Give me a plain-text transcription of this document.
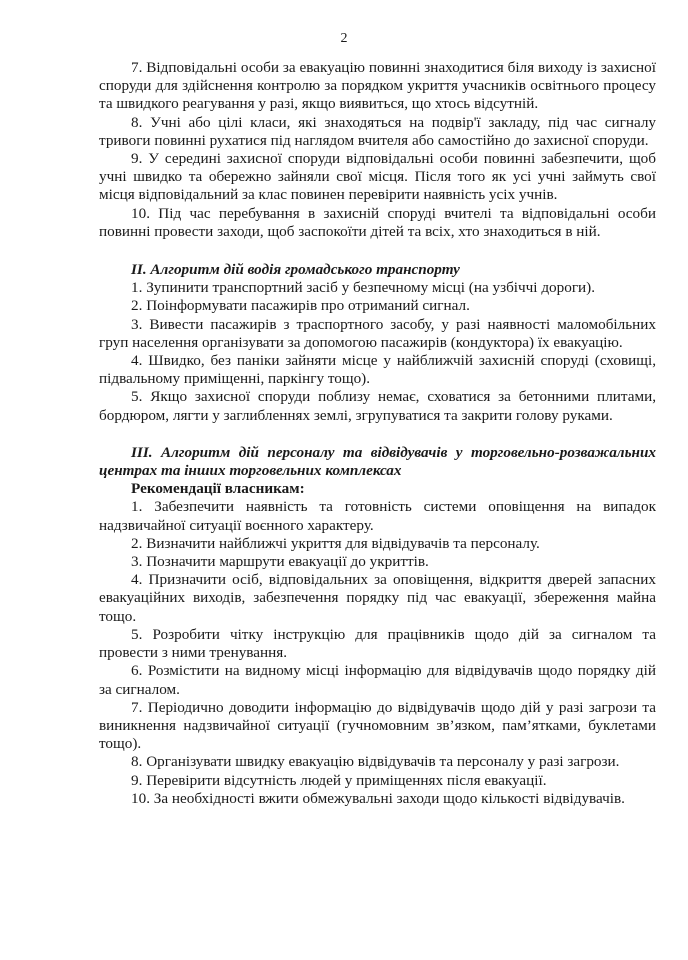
2

7. Відповідальні особи за евакуацію повинні знаходитися біля виходу із захисної споруди для здійснення контролю за порядком укриття учасників освітнього процесу та швидкого реагування у разі, якщо виявиться, що хтось відсутній.

8. Учні або цілі класи, які знаходяться на подвір'ї закладу, під час сигналу тривоги повинні рухатися під наглядом вчителя або самостійно до захисної споруди.

9. У середині захисної споруди відповідальні особи повинні забезпечити, щоб учні швидко та обережно зайняли свої місця. Після того як усі учні займуть свої місця відповідальний за клас повинен перевірити наявність усіх учнів.

10. Під час перебування в захисній споруді вчителі та відповідальні особи повинні провести заходи, щоб заспокоїти дітей та всіх, хто знаходиться в ній.

II. Алгоритм дій водія громадського транспорту

1. Зупинити транспортний засіб у безпечному місці (на узбіччі дороги).

2. Поінформувати пасажирів про отриманий сигнал.

3. Вивести пасажирів з траспортного засобу, у разі наявності маломобільних груп населення організувати за допомогою пасажирів (кондуктора) їх евакуацію.

4. Швидко, без паніки зайняти місце у найближчій захисній споруді (сховищі, підвальному приміщенні, паркінгу тощо).

5. Якщо захисної споруди поблизу немає, сховатися за бетонними плитами, бордюром, лягти у заглибленнях землі, згрупуватися та закрити голову руками.

III. Алгоритм дій персоналу та відвідувачів у торговельно-розважальних центрах та інших торговельних комплексах

Рекомендації власникам:

1. Забезпечити наявність та готовність системи оповіщення на випадок надзвичайної ситуації воєнного характеру.

2. Визначити найближчі укриття для відвідувачів та персоналу.

3. Позначити маршрути евакуації до укриттів.

4. Призначити осіб, відповідальних за оповіщення, відкриття дверей запасних евакуаційних виходів, забезпечення порядку під час евакуації, збереження майна тощо.

5. Розробити чітку інструкцію для працівників щодо дій за сигналом та провести з ними тренування.

6. Розмістити на видному місці інформацію для відвідувачів щодо порядку дій за сигналом.

7. Періодично доводити інформацію до відвідувачів щодо дій у разі загрози та виникнення надзвичайної ситуації (гучномовним зв’язком, пам’ятками, буклетами тощо).

8. Організувати швидку евакуацію відвідувачів та персоналу у разі загрози.

9. Перевірити відсутність людей у приміщеннях після евакуації.

10. За необхідності вжити обмежувальні заходи щодо кількості відвідувачів.
